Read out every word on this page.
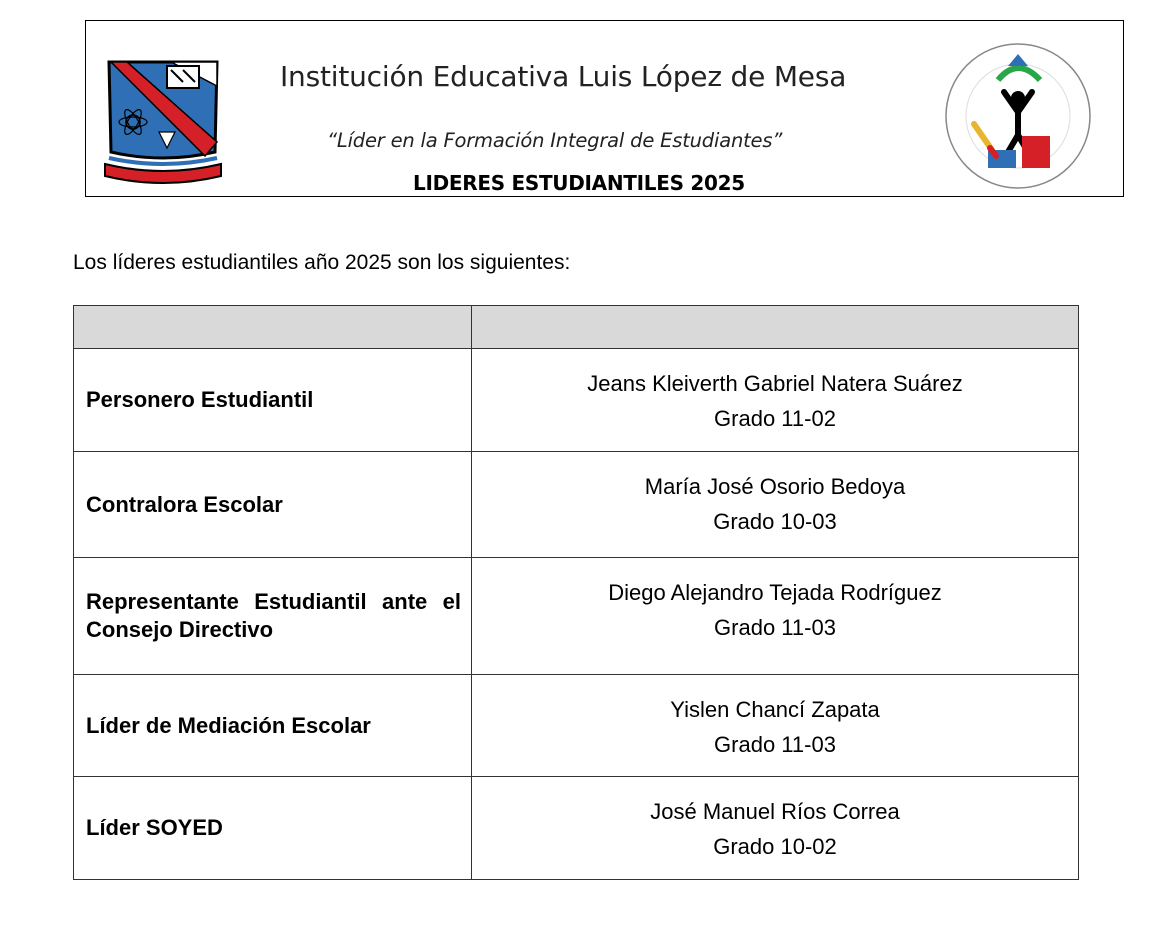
Institución Educativa Luis López de Mesa
“Líder en la Formación Integral de Estudiantes”
LIDERES ESTUDIANTILES 2025
Los líderes estudiantiles año 2025 son los siguientes:

Personero Estudiantil	Jeans Kleiverth Gabriel Natera Suárez
Grado 11-02

Contralora Escolar	María José Osorio Bedoya
Grado 10-03

Representante Estudiantil ante el Consejo Directivo	Diego Alejandro Tejada Rodríguez
Grado 11-03

Líder de Mediación Escolar	Yislen Chancí Zapata
Grado 11-03

Líder SOYED	José Manuel Ríos Correa
Grado 10-02
